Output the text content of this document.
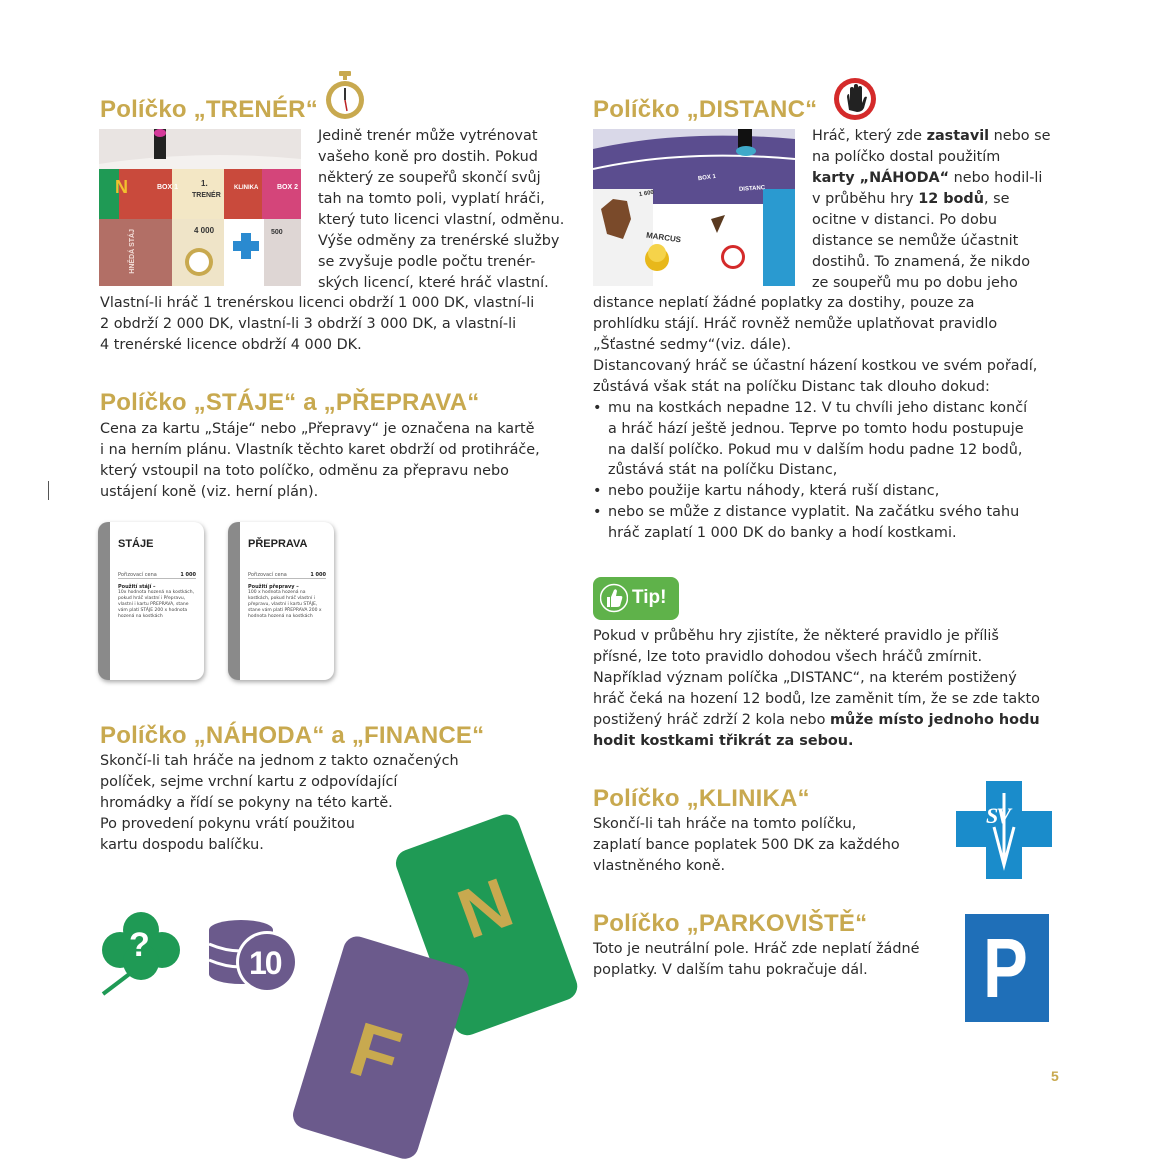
Políčko „TRENÉR“
N	BOX 1	1.
TRENÉR
KLINIKA	BOX 2
4 000
HNĚDÁ STÁJ	500
Jedině trenér může vytrénovat
vašeho koně pro dostih. Pokud
některý ze soupeřů skončí svůj
tah na tomto poli, vyplatí hráči,
který tuto licenci vlastní, odměnu.
Výše odměny za trenérské služby
se zvyšuje podle počtu trenér-
ských licencí, které hráč vlastní.
Vlastní-li hráč 1 trenérskou licenci obdrží 1 000 DK, vlastní-li
2 obdrží 2 000 DK, vlastní-li 3 obdrží 3 000 DK, a vlastní-li
4 trenérské licence obdrží 4 000 DK.
Políčko „STÁJE“ a „PŘEPRAVA“
Cena za kartu „Stáje“ nebo „Přepravy“ je označena na kartě
i na herním plánu. Vlastník těchto karet obdrží od protihráče,
který vstoupil na toto políčko, odměnu za přepravu nebo
ustájení koně (viz. herní plán).
STÁJE
Pořizovací cena	1 000
Použití stájí –
10x hodnota hozená na kostkách, pokud hráč vlastní i Přepravu, vlastní i kartu PŘEPRAVA, stane vám platí STÁJE 200 x hodnota hozená na kostkách
PŘEPRAVA
Pořizovací cena	1 000
Použití přepravy –
100 x hodnota hozená na kostkách, pokud hráč vlastní i přepravu, vlastní i kartu STÁJE, stane vám platí PŘEPRAVA 200 x hodnota hozená na kostkách
Políčko „NÁHODA“ a „FINANCE“
Skončí-li tah hráče na jednom z takto označených
políček, sejme vrchní kartu z odpovídající
hromádky a řídí se pokyny na této kartě.
Po provedení pokynu vrátí použitou
kartu dospodu balíčku.
?	10
N
F
Políčko „DISTANC“
BOX 1
DISTANC
MARCUS
1 600
Hráč, který zde zastavil nebo se
na políčko dostal použitím
karty „NÁHODA“ nebo hodil-li
v průběhu hry 12 bodů, se
ocitne v distanci. Po dobu
distance se nemůže účastnit
dostihů. To znamená, že nikdo
ze soupeřů mu po dobu jeho
distance neplatí žádné poplatky za dostihy, pouze za
prohlídku stájí. Hráč rovněž nemůže uplatňovat pravidlo
„Šťastné sedmy“(viz. dále).
Distancovaný hráč se účastní házení kostkou ve svém pořadí,
zůstává však stát na políčku Distanc tak dlouho dokud:
• mu na kostkách nepadne 12. V tu chvíli jeho distanc končí
a hráč hází ještě jednou. Teprve po tomto hodu postupuje
na další políčko. Pokud mu v dalším hodu padne 12 bodů,
zůstává stát na políčku Distanc,
• nebo použije kartu náhody, která ruší distanc,
• nebo se může z distance vyplatit. Na začátku svého tahu
hráč zaplatí 1 000 DK do banky a hodí kostkami.
Tip!
Pokud v průběhu hry zjistíte, že některé pravidlo je příliš
přísné, lze toto pravidlo dohodou všech hráčů zmírnit.
Například význam políčka „DISTANC“, na kterém postižený
hráč čeká na hození 12 bodů, lze zaměnit tím, že se zde takto
postižený hráč zdrží 2 kola nebo může místo jednoho hodu
hodit kostkami třikrát za sebou.
Políčko „KLINIKA“
Skončí-li tah hráče na tomto políčku,
zaplatí bance poplatek 500 DK za každého
vlastněného koně.
SV
Políčko „PARKOVIŠTĚ“
Toto je neutrální pole. Hráč zde neplatí žádné
poplatky. V dalším tahu pokračuje dál. P
5
